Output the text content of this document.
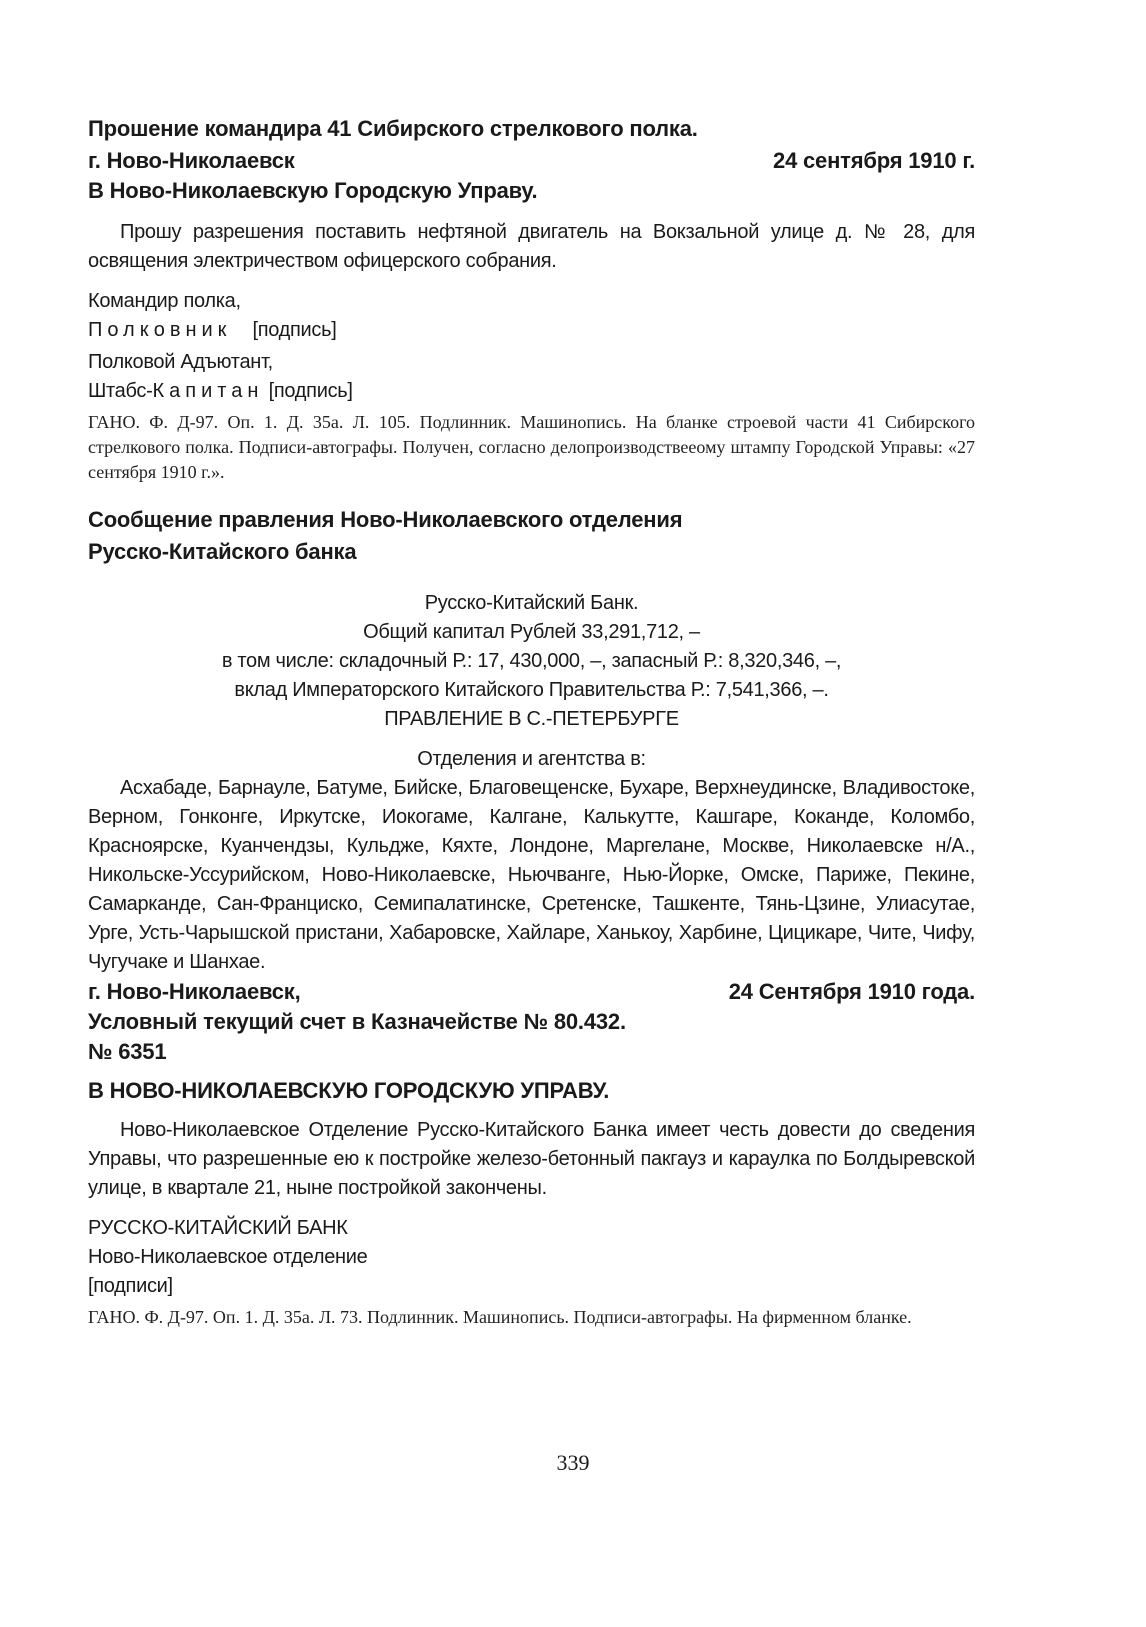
Прошение командира 41 Сибирского стрелкового полка.
г. Ново-Николаевск	24 сентября 1910 г.
В Ново-Николаевскую Городскую Управу.

Прошу разрешения поставить нефтяной двигатель на Вокзальной улице д. № 28, для освящения электричеством офицерского собрания.

Командир полка,

Полковник [подпись]

Полковой Адъютант,

Штабс-Капитан [подпись]

ГАНО. Ф. Д-97. Оп. 1. Д. 35а. Л. 105. Подлинник. Машинопись. На бланке строевой части 41 Сибирского стрелкового полка. Подписи-автографы. Получен, согласно делопроизводствееому штампу Городской Управы: «27 сентября 1910 г.».

Сообщение правления Ново-Николаевского отделения
Русско-Китайского банка

Русско-Китайский Банк.

Общий капитал Рублей 33,291,712, –

в том числе: складочный Р.: 17, 430,000, –, запасный Р.: 8,320,346, –,

вклад Императорского Китайского Правительства Р.: 7,541,366, –.

ПРАВЛЕНИЕ В С.-ПЕТЕРБУРГЕ

Отделения и агентства в:

Асхабаде, Барнауле, Батуме, Бийске, Благовещенске, Бухаре, Верхнеудинске, Владивостоке, Верном, Гонконге, Иркутске, Иокогаме, Калгане, Калькутте, Кашгаре, Коканде, Коломбо, Красноярске, Куанчендзы, Кульдже, Кяхте, Лондоне, Маргелане, Москве, Николаевске н/А., Никольске-Уссурийском, Ново-Николаевске, Ньючванге, Нью-Йорке, Омске, Париже, Пекине, Самарканде, Сан-Франциско, Семипалатинске, Сретенске, Ташкенте, Тянь-Цзине, Улиасутае, Урге, Усть-Чарышской пристани, Хабаровске, Хайларе, Ханькоу, Харбине, Цицикаре, Чите, Чифу, Чугучаке и Шанхае.

г. Ново-Николаевск,	24 Сентября 1910 года.
Условный текущий счет в Казначействе № 80.432.
№ 6351
В НОВО-НИКОЛАЕВСКУЮ ГОРОДСКУЮ УПРАВУ.

Ново-Николаевское Отделение Русско-Китайского Банка имеет честь довести до сведения Управы, что разрешенные ею к постройке железо-бетонный пакгауз и караулка по Болдыревской улице, в квартале 21, ныне постройкой закончены.

РУССКО-КИТАЙСКИЙ БАНК

Ново-Николаевское отделение

[подписи]

ГАНО. Ф. Д-97. Оп. 1. Д. 35а. Л. 73. Подлинник. Машинопись. Подписи-автографы. На фирменном бланке.

339
